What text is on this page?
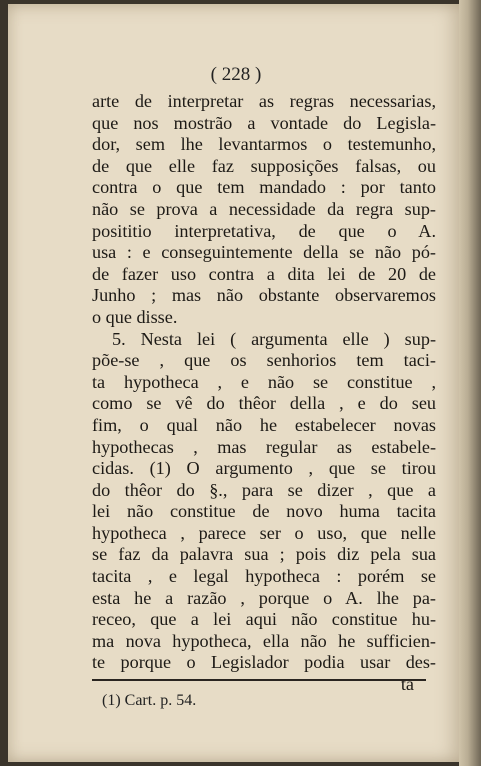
( 228 )
arte de interpretar as regras necessarias,
que nos mostrão a vontade do Legisla-
dor, sem lhe levantarmos o testemunho,
de que elle faz supposições falsas, ou
contra o que tem mandado : por tanto
não se prova a necessidade da regra sup-
posititio interpretativa, de que o A.
usa : e conseguintemente della se não pó-
de fazer uso contra a dita lei de 20 de
Junho ; mas não obstante observaremos
o que disse.
5. Nesta lei ( argumenta elle ) sup-
põe-se , que os senhorios tem taci-
ta hypotheca , e não se constitue ,
como se vê do thêor della , e do seu
fim, o qual não he estabelecer novas
hypothecas , mas regular as estabele-
cidas. (1) O argumento , que se tirou
do thêor do §., para se dizer , que a
lei não constitue de novo huma tacita
hypotheca , parece ser o uso, que nelle
se faz da palavra sua ; pois diz pela sua
tacita , e legal hypotheca : porém se
esta he a razão , porque o A. lhe pa-
receo, que a lei aqui não constitue hu-
ma nova hypotheca, ella não he sufficien-
te porque o Legislador podia usar des-
ta
(1) Cart. p. 54.
